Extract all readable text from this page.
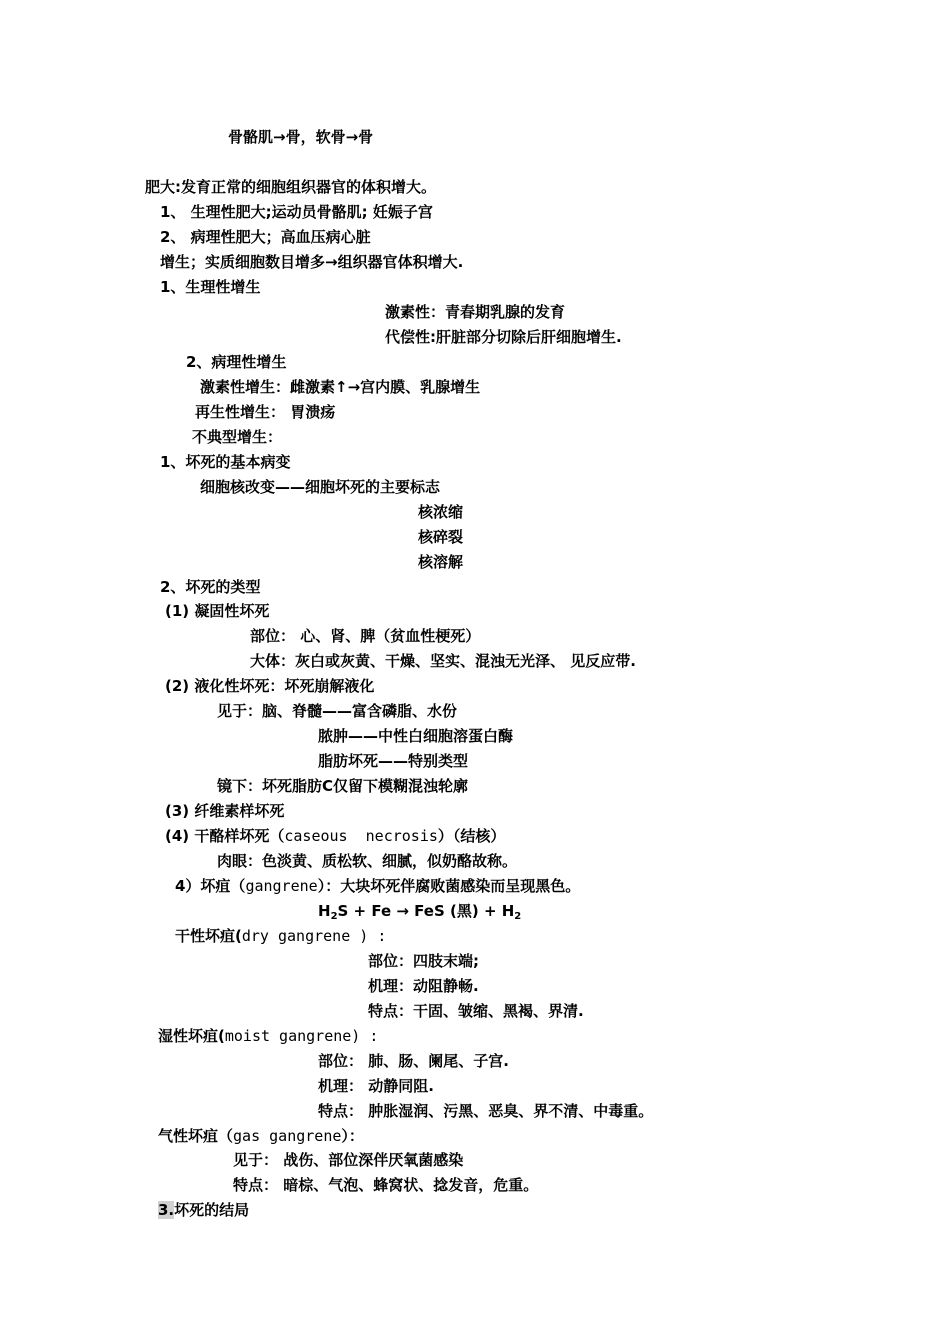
骨骼肌→骨，软骨→骨
肥大:发育正常的细胞组织器官的体积增大。
1、 生理性肥大;运动员骨骼肌; 妊娠子宫
2、 病理性肥大；高血压病心脏
增生；实质细胞数目增多→组织器官体积增大.
1、生理性增生
激素性：青春期乳腺的发育
代偿性:肝脏部分切除后肝细胞增生.
2、病理性增生
激素性增生：雌激素↑→宫内膜、乳腺增生
再生性增生： 胃溃疡
不典型增生：
1、坏死的基本病变
细胞核改变——细胞坏死的主要标志
核浓缩
核碎裂
核溶解
2、坏死的类型
(1) 凝固性坏死
部位： 心、肾、脾（贫血性梗死）
大体：灰白或灰黄、干燥、坚实、混浊无光泽、 见反应带.
(2) 液化性坏死：坏死崩解液化
见于：脑、脊髓——富含磷脂、水份
脓肿——中性白细胞溶蛋白酶
脂肪坏死——特别类型
镜下：坏死脂肪C仅留下模糊混浊轮廓
(3) 纤维素样坏死
(4) 干酪样坏死（caseous  necrosis）（结核）
肉眼：色淡黄、质松软、细腻，似奶酪故称。
4）坏疽（gangrene）：大块坏死伴腐败菌感染而呈现黑色。
$H_2S + Fe$ → FeS (黑) + $H_2$
干性坏疽(dry gangrene ) :
部位：四肢末端;
机理：动阻静畅.
特点：干固、皱缩、黑褐、界清.
湿性坏疽(moist gangrene) :
部位： 肺、肠、阑尾、子宫.
机理： 动静同阻.
特点： 肿胀湿润、污黑、恶臭、界不清、中毒重。
气性坏疽（gas gangrene）：
见于： 战伤、部位深伴厌氧菌感染
特点： 暗棕、气泡、蜂窝状、捻发音，危重。
3.坏死的结局
